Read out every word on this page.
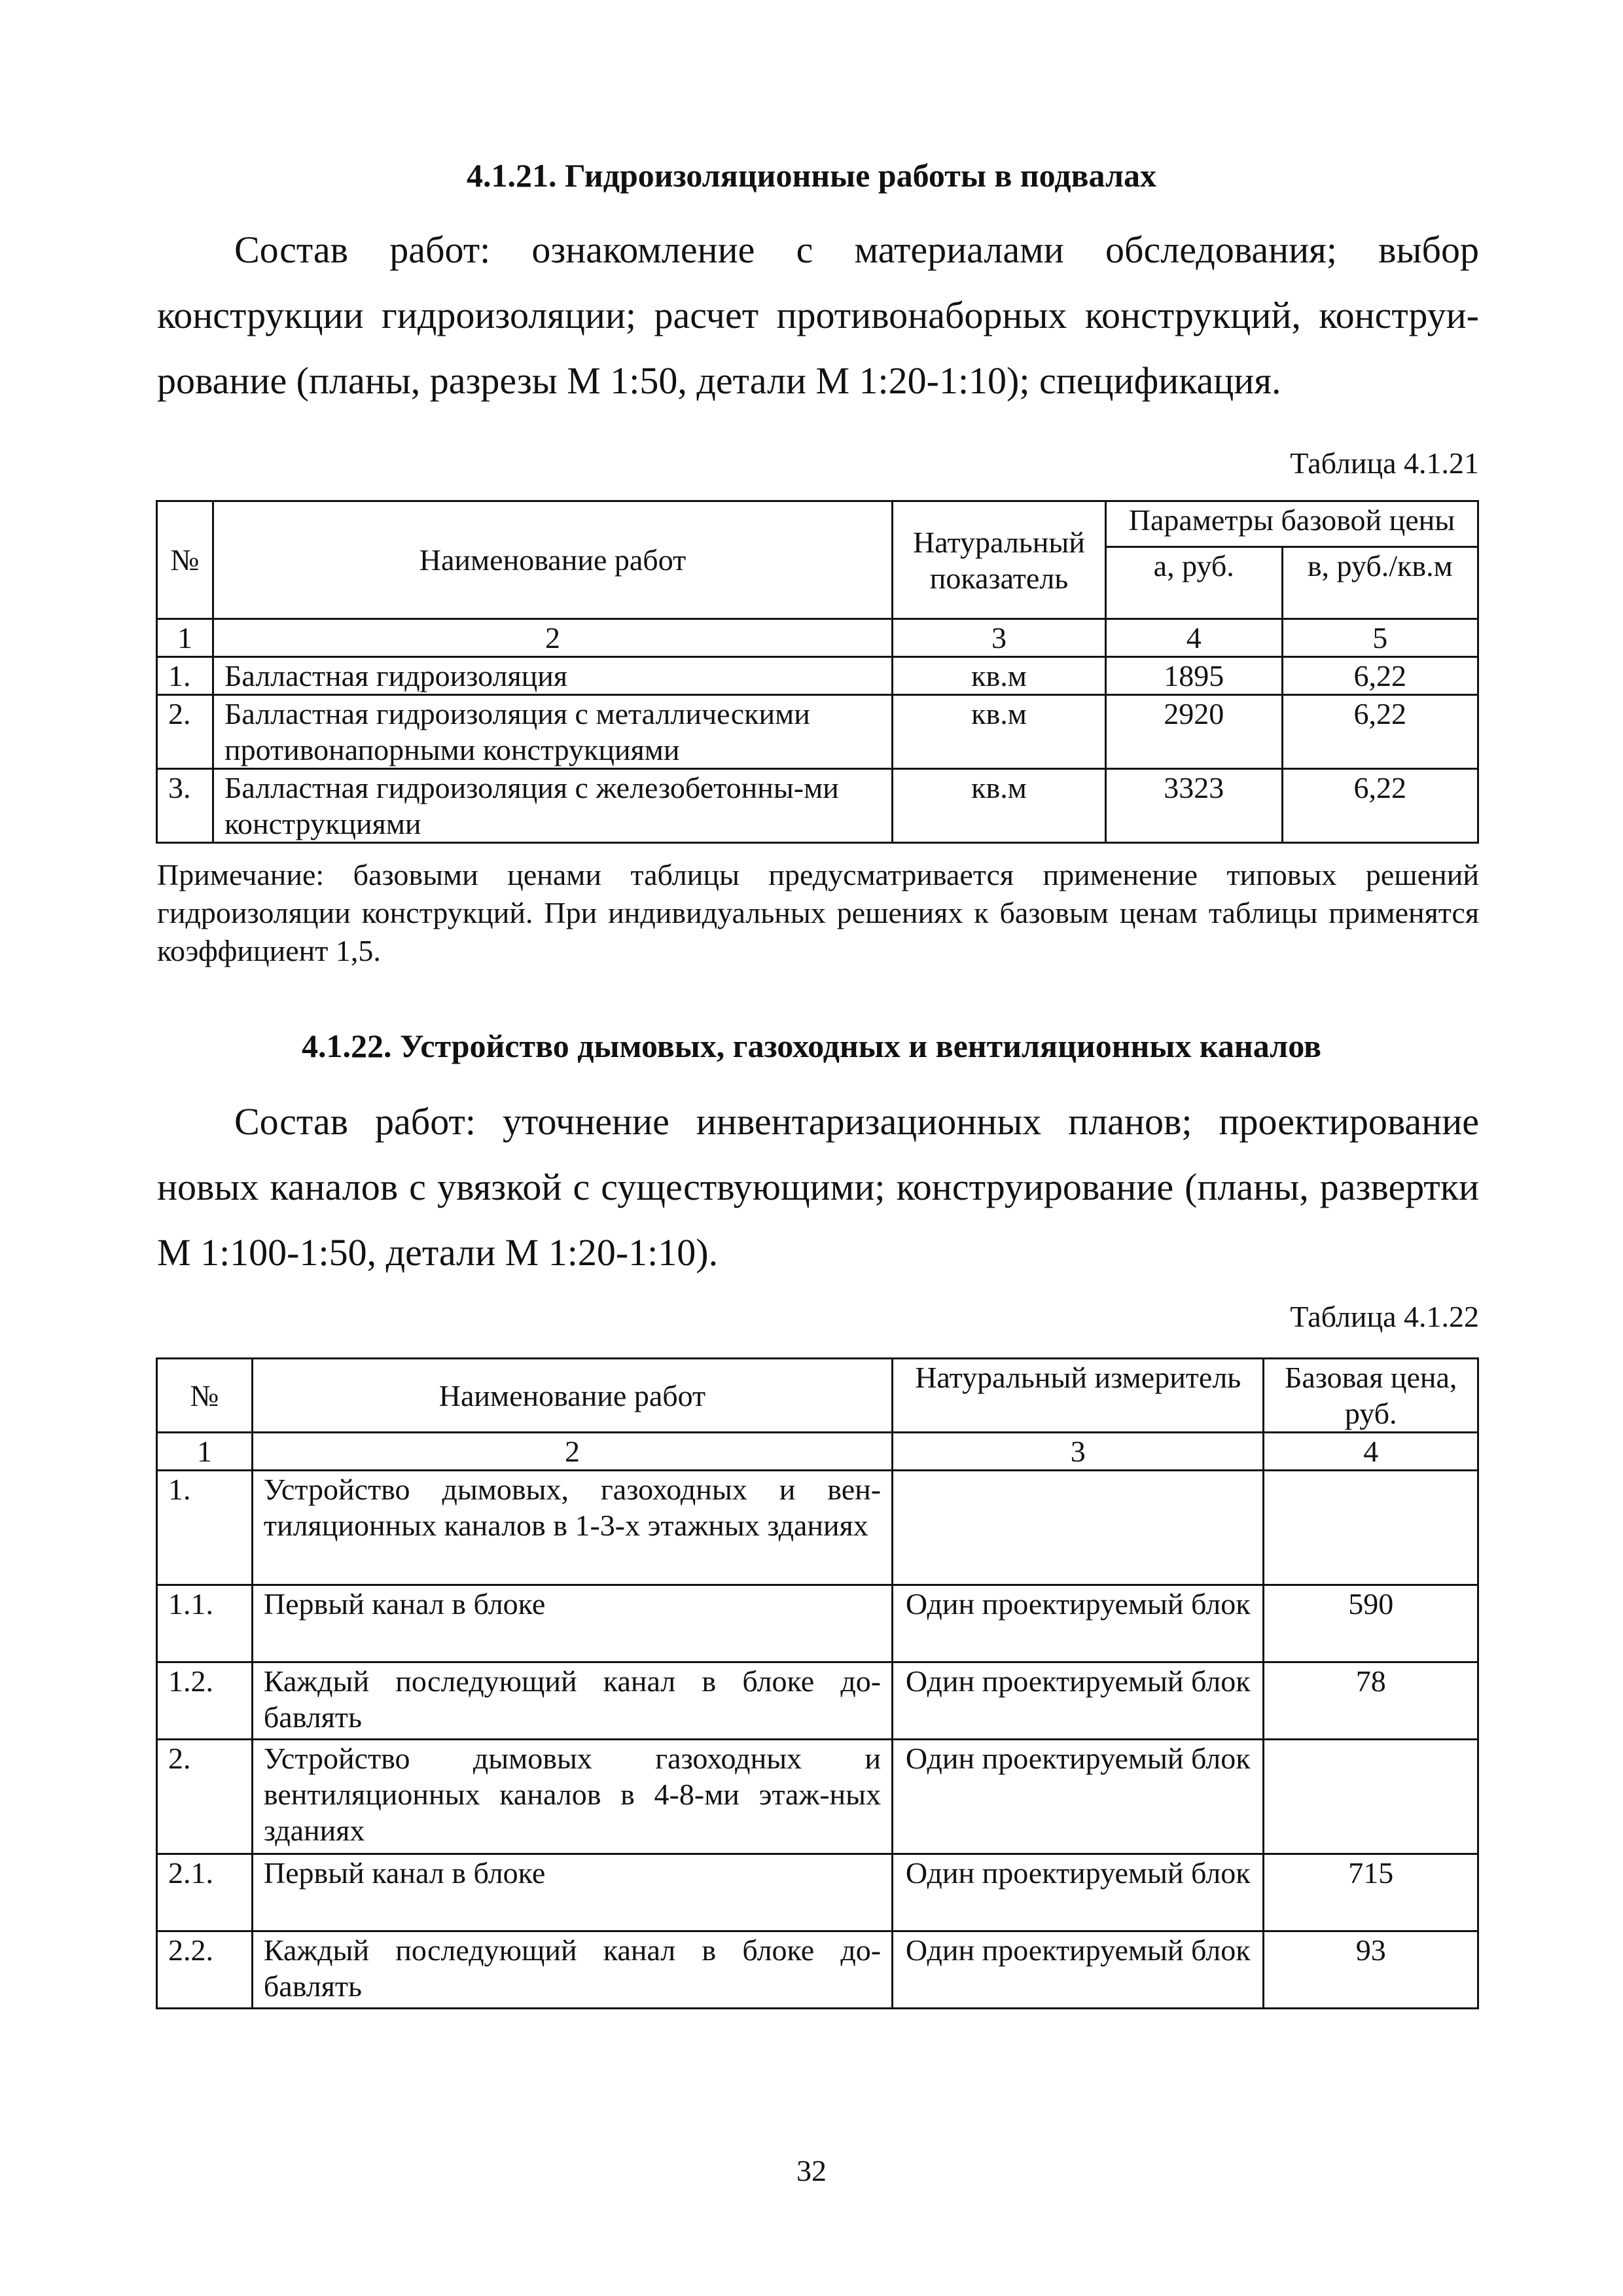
4.1.21. Гидроизоляционные работы в подвалах
Состав работ: ознакомление с материалами обследования; выбор конструкции гидроизоляции; расчет противонаборных конструкций, конструи-рование (планы, разрезы М 1:50, детали М 1:20-1:10); спецификация.
Таблица 4.1.21
№	Наименование работ	Натуральный показатель	Параметры базовой цены	
			а, руб.	в, руб./кв.м
1	2	3	4	5
1.	Балластная гидроизоляция	кв.м	1895	6,22
2.	Балластная гидроизоляция с металлическими противонапорными конструкциями	кв.м	2920	6,22
3.	Балластная гидроизоляция с железобетонны-ми конструкциями	кв.м	3323	6,22
Примечание: базовыми ценами таблицы предусматривается применение типовых решений гидроизоляции конструкций. При индивидуальных решениях к базовым ценам таблицы применятся коэффициент 1,5.
4.1.22. Устройство дымовых, газоходных и вентиляционных каналов
Состав работ: уточнение инвентаризационных планов; проектирование новых каналов с увязкой с существующими; конструирование (планы, развертки М 1:100-1:50, детали М 1:20-1:10).
Таблица 4.1.22
№	Наименование работ	Натуральный измеритель	Базовая цена, руб.
1	2	3	4
1.	Устройство дымовых, газоходных и вен-тиляционных каналов в 1-3-х этажных зданиях		
1.1.	Первый канал в блоке	Один проектируемый блок	590
1.2.	Каждый последующий канал в блоке до-бавлять	Один проектируемый блок	78
2.	Устройство дымовых газоходных и вентиляционных каналов в 4-8-ми этаж-ных зданиях	Один проектируемый блок	
2.1.	Первый канал в блоке	Один проектируемый блок	715
2.2.	Каждый последующий канал в блоке до-бавлять	Один проектируемый блок	93
32
